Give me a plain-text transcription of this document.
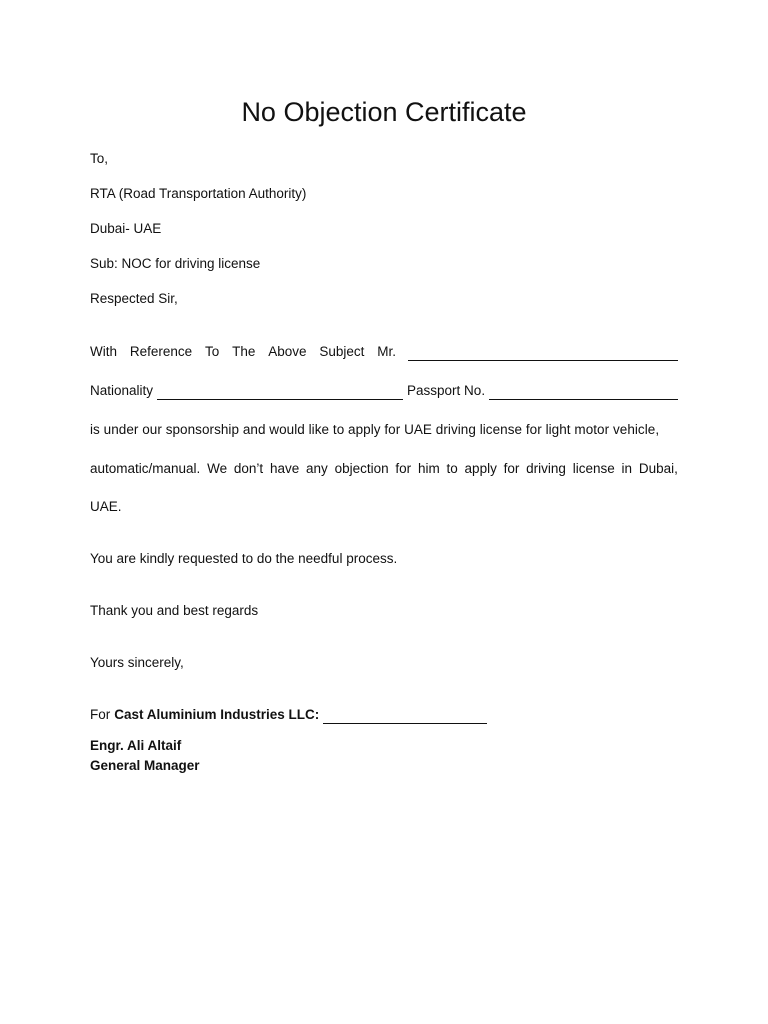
No Objection Certificate
To,
RTA (Road Transportation Authority)
Dubai- UAE
Sub: NOC for driving license
Respected Sir,
With Reference To The Above Subject Mr.
Nationality	Passport No.
is under our sponsorship and would like to apply for UAE driving license for light motor vehicle,
automatic/manual. We don’t have any objection for him to apply for driving license in Dubai,
UAE.
You are kindly requested to do the needful process.
Thank you and best regards
Yours sincerely,
For Cast Aluminium Industries LLC:
Engr. Ali Altaif
General Manager
